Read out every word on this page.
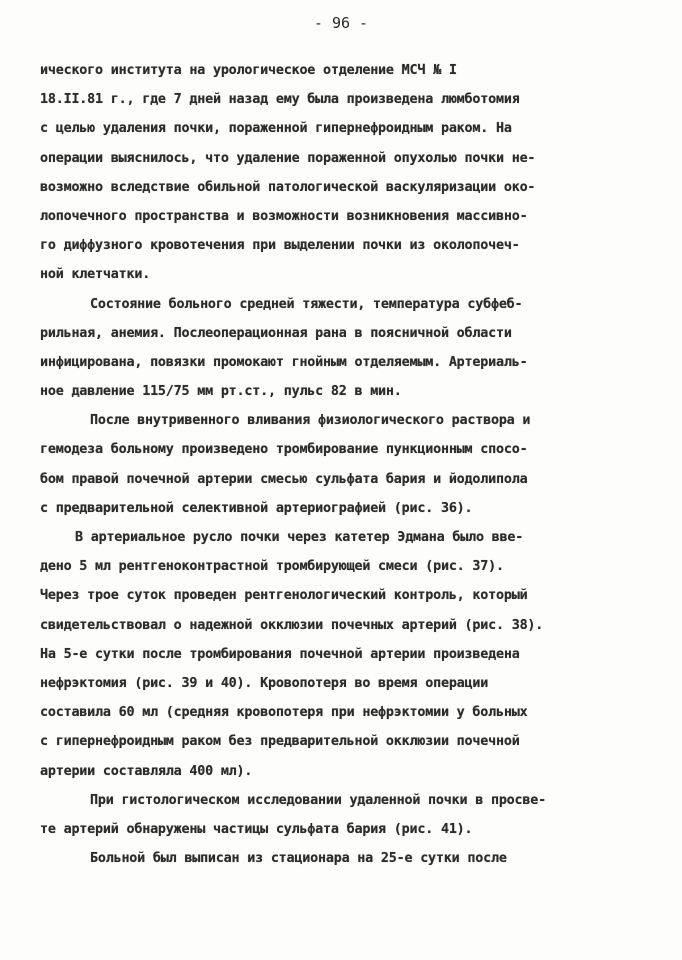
- 96 -
ического института на урологическое отделение МСЧ № I
18.II.81 г., где 7 дней назад ему была произведена люмботомия
с целью удаления почки, пораженной гипернефроидным раком. На
операции выяснилось, что удаление пораженной опухолью почки не-
возможно вследствие обильной патологической васкуляризации око-
лопочечного пространства и возможности возникновения массивно-
го диффузного кровотечения при выделении почки из околопочеч-
ной клетчатки.
Состояние больного средней тяжести, температура субфеб-
рильная, анемия. Послеоперационная рана в поясничной области
инфицирована, повязки промокают гнойным отделяемым. Артериаль-
ное давление 115/75 мм рт.ст., пульс 82 в мин.
После внутривенного вливания физиологического раствора и
гемодеза больному произведено тромбирование пункционным спосо-
бом правой почечной артерии смесью сульфата бария и йодолипола
с предварительной селективной артериографией (рис. 36).
В артериальное русло почки через катетер Эдмана было вве-
дено 5 мл рентгеноконтрастной тромбирующей смеси (рис. 37).
Через трое суток проведен рентгенологический контроль, который
свидетельствовал о надежной окклюзии почечных артерий (рис. 38).
На 5-е сутки после тромбирования почечной артерии произведена
нефрэктомия (рис. 39 и 40). Кровопотеря во время операции
составила 60 мл (средняя кровопотеря при нефрэктомии у больных
с гипернефроидным раком без предварительной окклюзии почечной
артерии составляла 400 мл).
При гистологическом исследовании удаленной почки в просве-
те артерий обнаружены частицы сульфата бария (рис. 41).
Больной был выписан из стационара на 25-е сутки после
